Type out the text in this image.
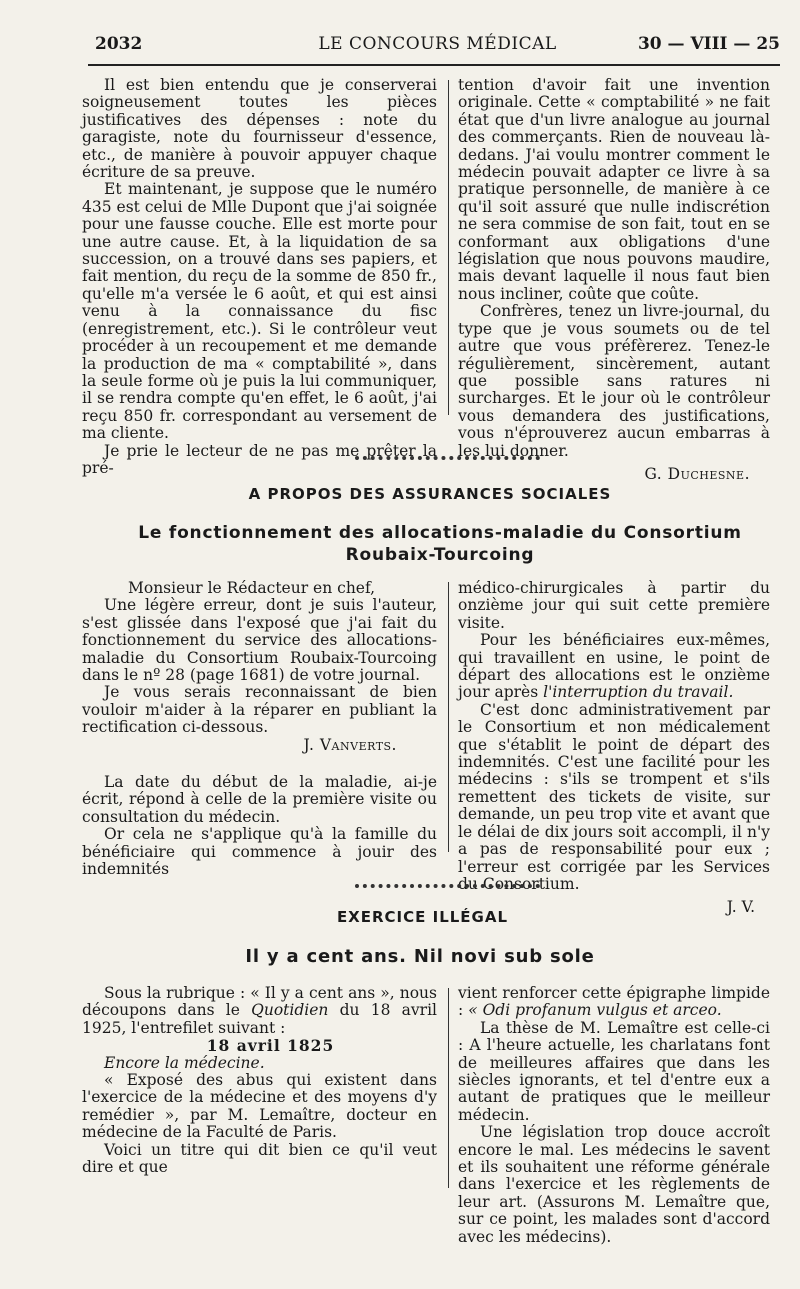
2032	LE CONCOURS MÉDICAL	30 — VIII — 25

Il est bien entendu que je conserverai soigneusement toutes les pièces justificatives des dépenses : note du garagiste, note du fournisseur d'essence, etc., de manière à pouvoir appuyer chaque écriture de sa preuve.

Et maintenant, je suppose que le numéro 435 est celui de Mlle Dupont que j'ai soignée pour une fausse couche. Elle est morte pour une autre cause. Et, à la liquidation de sa succession, on a trouvé dans ses papiers, et fait mention, du reçu de la somme de 850 fr., qu'elle m'a versée le 6 août, et qui est ainsi venu à la connaissance du fisc (enregistrement, etc.). Si le contrôleur veut procéder à un recoupement et me demande la production de ma « comptabilité », dans la seule forme où je puis la lui communiquer, il se rendra compte qu'en effet, le 6 août, j'ai reçu 850 fr. correspondant au versement de ma cliente.

Je prie le lecteur de ne pas me prêter la pré-

tention d'avoir fait une invention originale. Cette « comptabilité » ne fait état que d'un livre analogue au journal des commerçants. Rien de nouveau là-dedans. J'ai voulu montrer comment le médecin pouvait adapter ce livre à sa pratique personnelle, de manière à ce qu'il soit assuré que nulle indiscrétion ne sera commise de son fait, tout en se conformant aux obligations d'une législation que nous pouvons maudire, mais devant laquelle il nous faut bien nous incliner, coûte que coûte.

Confrères, tenez un livre-journal, du type que je vous soumets ou de tel autre que vous préfèrerez. Tenez-le régulièrement, sincèrement, autant que possible sans ratures ni surcharges. Et le jour où le contrôleur vous demandera des justifications, vous n'éprouverez aucun embarras à les lui donner.

G. Duchesne.

A PROPOS DES ASSURANCES SOCIALES
Le fonctionnement des allocations-maladie du Consortium Roubaix-Tourcoing

Monsieur le Rédacteur en chef,

Une légère erreur, dont je suis l'auteur, s'est glissée dans l'exposé que j'ai fait du fonctionnement du service des allocations-maladie du Consortium Roubaix-Tourcoing dans le nº 28 (page 1681) de votre journal.

Je vous serais reconnaissant de bien vouloir m'aider à la réparer en publiant la rectification ci-dessous.

J. Vanverts.

La date du début de la maladie, ai-je écrit, répond à celle de la première visite ou consultation du médecin.

Or cela ne s'applique qu'à la famille du bénéficiaire qui commence à jouir des indemnités

médico-chirurgicales à partir du onzième jour qui suit cette première visite.

Pour les bénéficiaires eux-mêmes, qui travaillent en usine, le point de départ des allocations est le onzième jour après l'interruption du travail.

C'est donc administrativement par le Consortium et non médicalement que s'établit le point de départ des indemnités. C'est une facilité pour les médecins : s'ils se trompent et s'ils remettent des tickets de visite, sur demande, un peu trop vite et avant que le délai de dix jours soit accompli, il n'y a pas de responsabilité pour eux ; l'erreur est corrigée par les Services du Consortium.

J. V.

EXERCICE ILLÉGAL
Il y a cent ans. Nil novi sub sole

Sous la rubrique : « Il y a cent ans », nous découpons dans le Quotidien du 18 avril 1925, l'entrefilet suivant :

18 avril 1825

Encore la médecine.

« Exposé des abus qui existent dans l'exercice de la médecine et des moyens d'y remédier », par M. Lemaître, docteur en médecine de la Faculté de Paris.

Voici un titre qui dit bien ce qu'il veut dire et que

vient renforcer cette épigraphe limpide : « Odi profanum vulgus et arceo.

La thèse de M. Lemaître est celle-ci : A l'heure actuelle, les charlatans font de meilleures affaires que dans les siècles ignorants, et tel d'entre eux a autant de pratiques que le meilleur médecin.

Une législation trop douce accroît encore le mal. Les médecins le savent et ils souhaitent une réforme générale dans l'exercice et les règlements de leur art. (Assurons M. Lemaître que, sur ce point, les malades sont d'accord avec les médecins).
